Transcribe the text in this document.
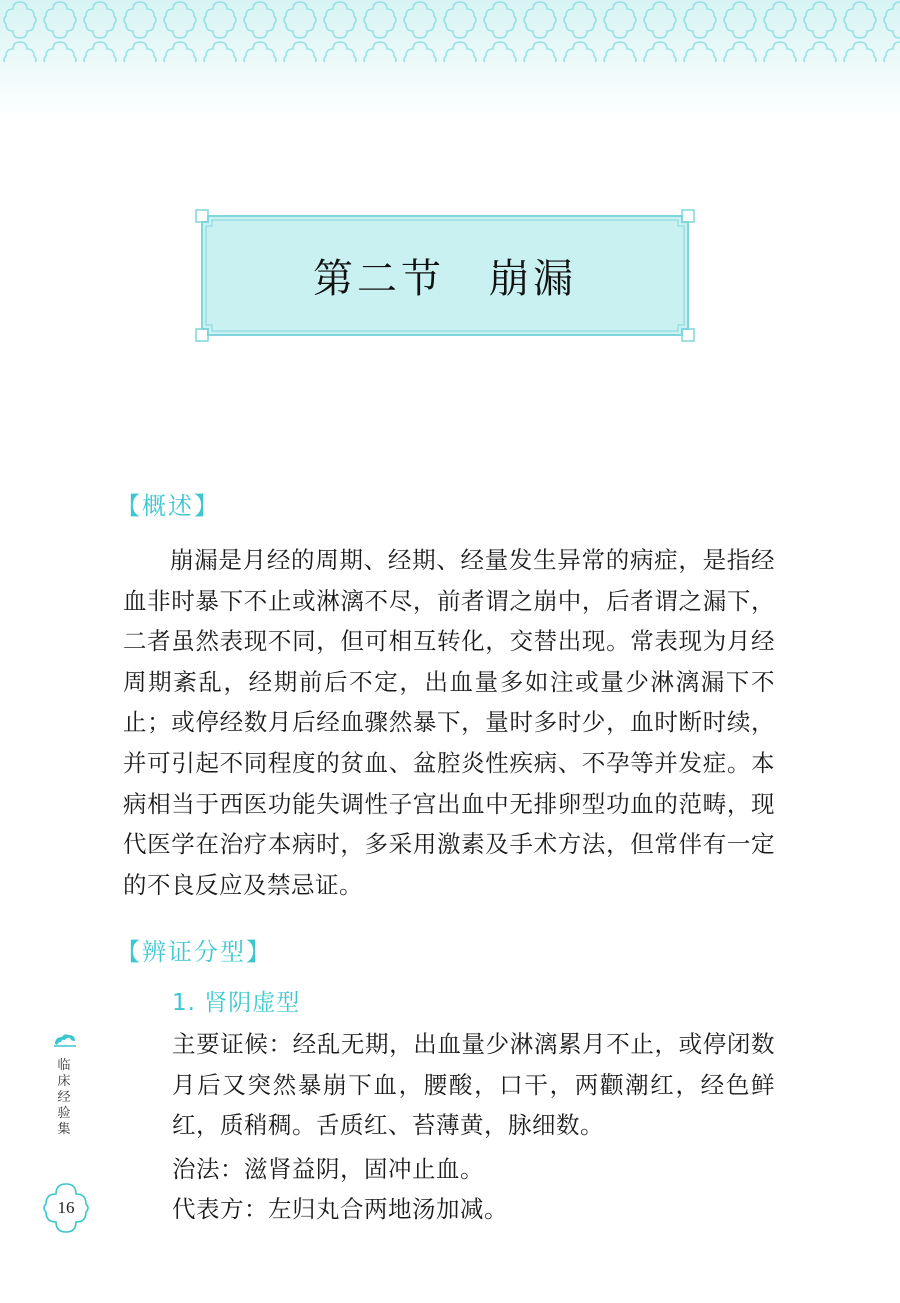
第二节　崩漏
【概述】
崩漏是月经的周期、经期、经量发生异常的病症，是指经血非时暴下不止或淋漓不尽，前者谓之崩中，后者谓之漏下，二者虽然表现不同，但可相互转化，交替出现。常表现为月经周期紊乱，经期前后不定，出血量多如注或量少淋漓漏下不止；或停经数月后经血骤然暴下，量时多时少，血时断时续，并可引起不同程度的贫血、盆腔炎性疾病、不孕等并发症。本病相当于西医功能失调性子宫出血中无排卵型功血的范畴，现代医学在治疗本病时，多采用激素及手术方法，但常伴有一定的不良反应及禁忌证。
【辨证分型】
1. 肾阴虚型
主要证候：经乱无期，出血量少淋漓累月不止，或停闭数月后又突然暴崩下血，腰酸，口干，两颧潮红，经色鲜红，质稍稠。舌质红、苔薄黄，脉细数。
治法：滋肾益阴，固冲止血。
代表方：左归丸合两地汤加减。
临床经验集
16
